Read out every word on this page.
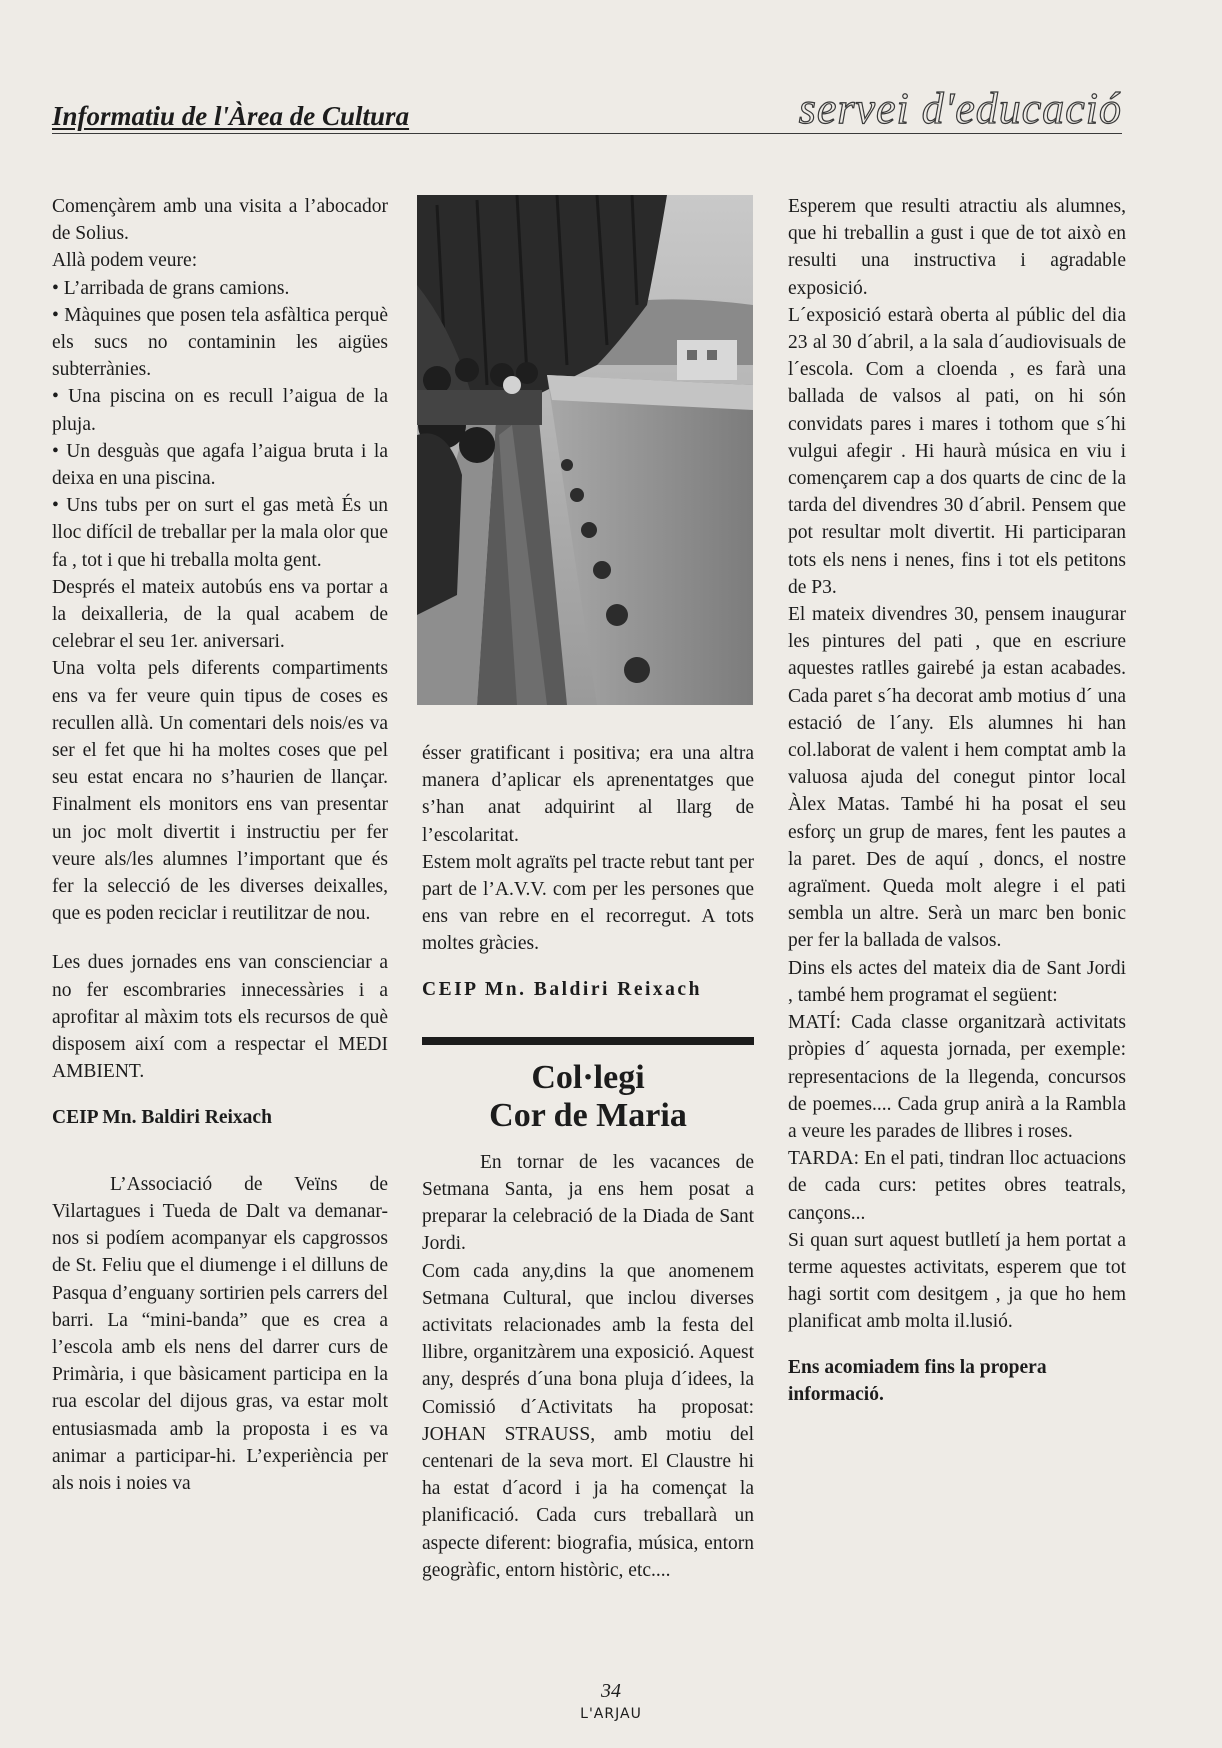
Informatiu de l'Àrea de Cultura	servei d'educació

Començàrem amb una visita a l’abocador de Solius.

Allà podem veure:

• L’arribada de grans camions.

• Màquines que posen tela asfàltica perquè els sucs no contaminin les aigües subterrànies.

• Una piscina on es recull l’aigua de la pluja.

• Un desguàs que agafa l’aigua bruta i la deixa en una piscina.

• Uns tubs per on surt el gas metà És un lloc difícil de treballar per la mala olor que fa , tot i que hi treballa molta gent.

Després el mateix autobús ens va portar a la deixalleria, de la qual acabem de celebrar el seu 1er. aniversari.

Una volta pels diferents compartiments ens va fer veure quin tipus de coses es recullen allà. Un comentari dels nois/es va ser el fet que hi ha moltes coses que pel seu estat encara no s’haurien de llançar. Finalment els monitors ens van presentar un joc molt divertit i instructiu per fer veure als/les alumnes l’important que és fer la selecció de les diverses deixalles, que es poden reciclar i reutilitzar de nou.

Les dues jornades ens van conscienciar a no fer escombraries innecessàries i a aprofitar al màxim tots els recursos de què disposem així com a respectar el MEDI AMBIENT.

CEIP Mn. Baldiri Reixach

L’Associació de Veïns de Vilartagues i Tueda de Dalt va demanar-nos si podíem acompanyar els capgrossos de St. Feliu que el diumenge i el dilluns de Pasqua d’enguany sortirien pels carrers del barri. La “mini-banda” que es crea a l’escola amb els nens del darrer curs de Primària, i que bàsicament participa en la rua escolar del dijous gras, va estar molt entusiasmada amb la proposta i es va animar a participar-hi. L’experiència per als nois i noies va

ésser gratificant i positiva; era una altra manera d’aplicar els aprenentatges que s’han anat adquirint al llarg de l’escolaritat.

Estem molt agraïts pel tracte rebut tant per part de l’A.V.V. com per les persones que ens van rebre en el recorregut. A tots moltes gràcies.

CEIP Mn. Baldiri Reixach

Col·legi
Cor de Maria

En tornar de les vacances de Setmana Santa, ja ens hem posat a preparar la celebració de la Diada de Sant Jordi.

Com cada any,dins la que anomenem Setmana Cultural, que inclou diverses activitats relacionades amb la festa del llibre, organitzàrem una exposició. Aquest any, després d´una bona pluja d´idees, la Comissió d´Activitats ha proposat: JOHAN STRAUSS, amb motiu del centenari de la seva mort. El Claustre hi ha estat d´acord i ja ha començat la planificació. Cada curs treballarà un aspecte diferent: biografia, música, entorn geogràfic, entorn històric, etc....

Esperem que resulti atractiu als alumnes, que hi treballin a gust i que de tot això en resulti una instructiva i agradable exposició.

L´exposició estarà oberta al públic del dia 23 al 30 d´abril, a la sala d´audiovisuals de l´escola. Com a cloenda , es farà una ballada de valsos al pati, on hi són convidats pares i mares i tothom que s´hi vulgui afegir . Hi haurà música en viu i començarem cap a dos quarts de cinc de la tarda del divendres 30 d´abril. Pensem que pot resultar molt divertit. Hi participaran tots els nens i nenes, fins i tot els petitons de P3.

El mateix divendres 30, pensem inaugurar les pintures del pati , que en escriure aquestes ratlles gairebé ja estan acabades. Cada paret s´ha decorat amb motius d´ una estació de l´any. Els alumnes hi han col.laborat de valent i hem comptat amb la valuosa ajuda del conegut pintor local Àlex Matas. També hi ha posat el seu esforç un grup de mares, fent les pautes a la paret. Des de aquí , doncs, el nostre agraïment. Queda molt alegre i el pati sembla un altre. Serà un marc ben bonic per fer la ballada de valsos.

Dins els actes del mateix dia de Sant Jordi , també hem programat el següent:

MATÍ: Cada classe organitzarà activitats pròpies d´ aquesta jornada, per exemple: representacions de la llegenda, concursos de poemes.... Cada grup anirà a la Rambla a veure les parades de llibres i roses.

TARDA: En el pati, tindran lloc actuacions de cada curs: petites obres teatrals, cançons...

Si quan surt aquest butlletí ja hem portat a terme aquestes activitats, esperem que tot hagi sortit com desitgem , ja que ho hem planificat amb molta il.lusió.

Ens acomiadem fins la propera informació.

34
L'ARJAU
